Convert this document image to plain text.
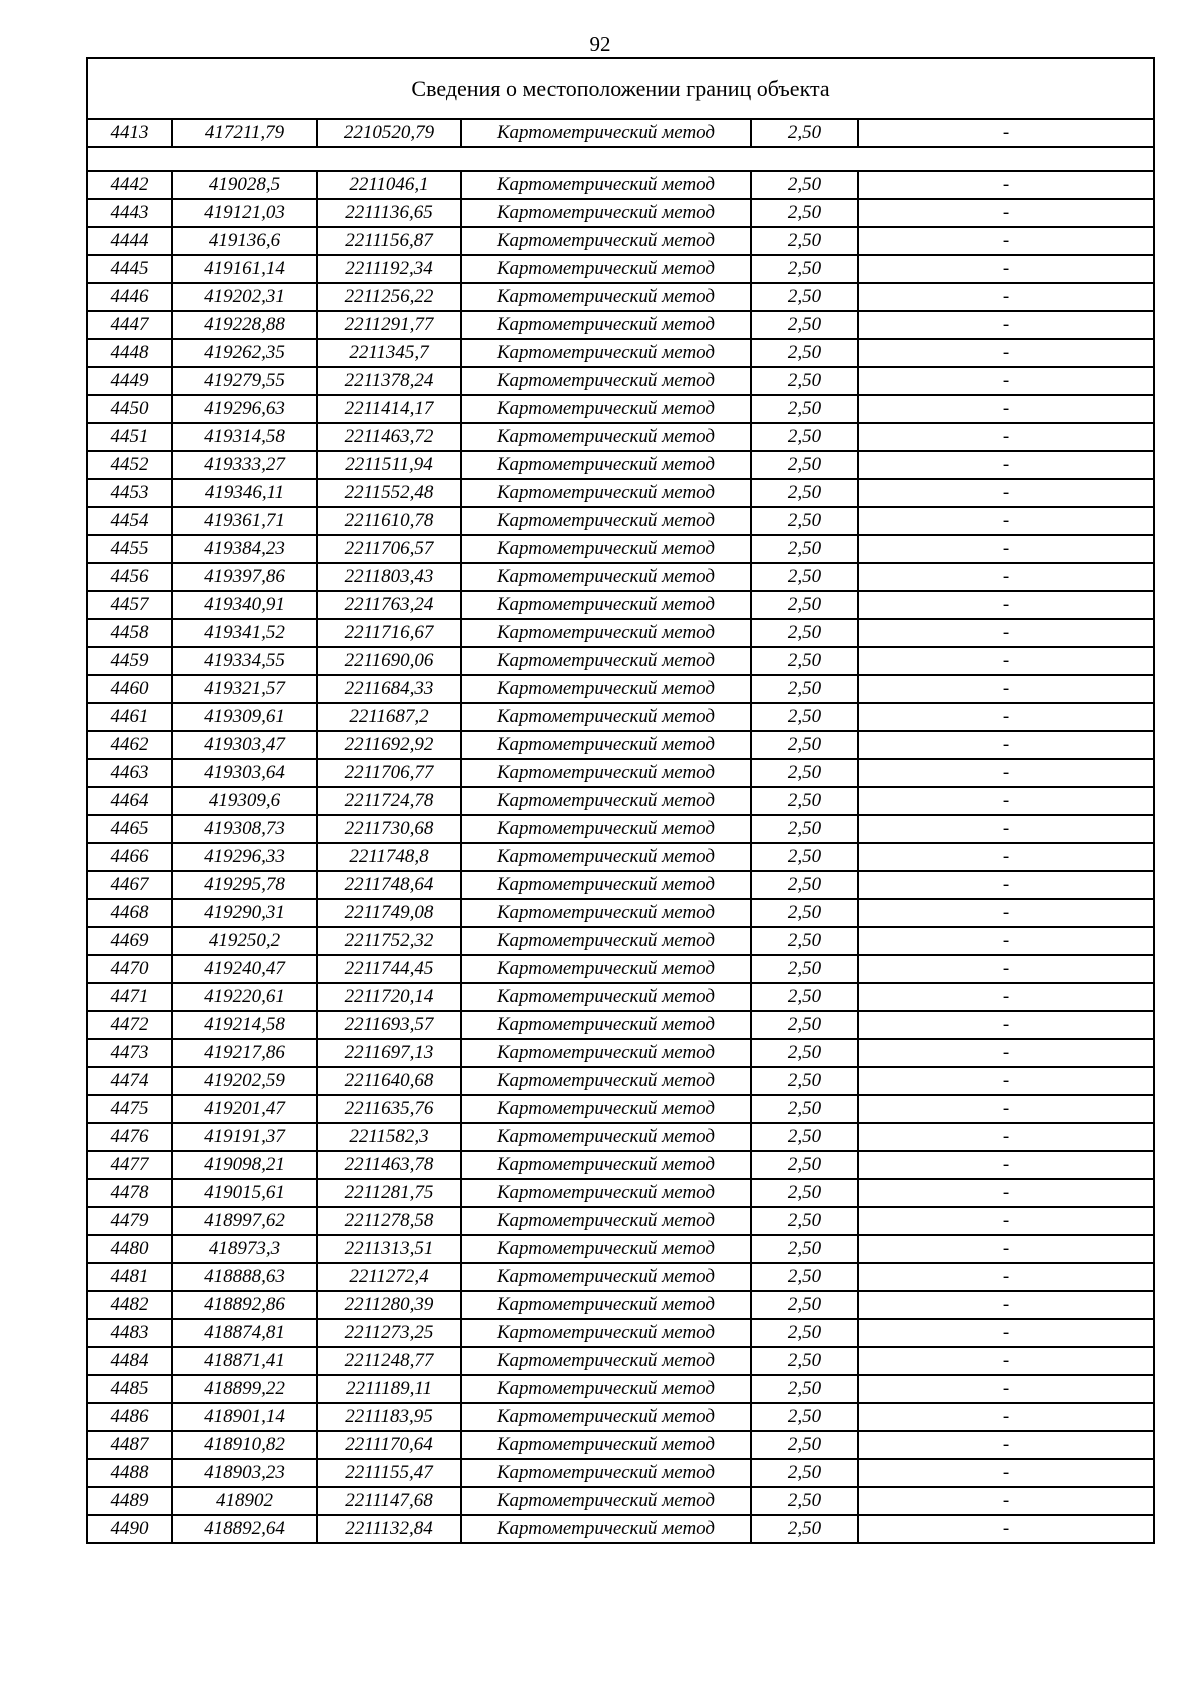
92
Сведения о местоположении границ объекта					
4413	417211,79	2210520,79	Картометрический метод	2,50	-

4442	419028,5	2211046,1	Картометрический метод	2,50	-
4443	419121,03	2211136,65	Картометрический метод	2,50	-
4444	419136,6	2211156,87	Картометрический метод	2,50	-
4445	419161,14	2211192,34	Картометрический метод	2,50	-
4446	419202,31	2211256,22	Картометрический метод	2,50	-
4447	419228,88	2211291,77	Картометрический метод	2,50	-
4448	419262,35	2211345,7	Картометрический метод	2,50	-
4449	419279,55	2211378,24	Картометрический метод	2,50	-
4450	419296,63	2211414,17	Картометрический метод	2,50	-
4451	419314,58	2211463,72	Картометрический метод	2,50	-
4452	419333,27	2211511,94	Картометрический метод	2,50	-
4453	419346,11	2211552,48	Картометрический метод	2,50	-
4454	419361,71	2211610,78	Картометрический метод	2,50	-
4455	419384,23	2211706,57	Картометрический метод	2,50	-
4456	419397,86	2211803,43	Картометрический метод	2,50	-
4457	419340,91	2211763,24	Картометрический метод	2,50	-
4458	419341,52	2211716,67	Картометрический метод	2,50	-
4459	419334,55	2211690,06	Картометрический метод	2,50	-
4460	419321,57	2211684,33	Картометрический метод	2,50	-
4461	419309,61	2211687,2	Картометрический метод	2,50	-
4462	419303,47	2211692,92	Картометрический метод	2,50	-
4463	419303,64	2211706,77	Картометрический метод	2,50	-
4464	419309,6	2211724,78	Картометрический метод	2,50	-
4465	419308,73	2211730,68	Картометрический метод	2,50	-
4466	419296,33	2211748,8	Картометрический метод	2,50	-
4467	419295,78	2211748,64	Картометрический метод	2,50	-
4468	419290,31	2211749,08	Картометрический метод	2,50	-
4469	419250,2	2211752,32	Картометрический метод	2,50	-
4470	419240,47	2211744,45	Картометрический метод	2,50	-
4471	419220,61	2211720,14	Картометрический метод	2,50	-
4472	419214,58	2211693,57	Картометрический метод	2,50	-
4473	419217,86	2211697,13	Картометрический метод	2,50	-
4474	419202,59	2211640,68	Картометрический метод	2,50	-
4475	419201,47	2211635,76	Картометрический метод	2,50	-
4476	419191,37	2211582,3	Картометрический метод	2,50	-
4477	419098,21	2211463,78	Картометрический метод	2,50	-
4478	419015,61	2211281,75	Картометрический метод	2,50	-
4479	418997,62	2211278,58	Картометрический метод	2,50	-
4480	418973,3	2211313,51	Картометрический метод	2,50	-
4481	418888,63	2211272,4	Картометрический метод	2,50	-
4482	418892,86	2211280,39	Картометрический метод	2,50	-
4483	418874,81	2211273,25	Картометрический метод	2,50	-
4484	418871,41	2211248,77	Картометрический метод	2,50	-
4485	418899,22	2211189,11	Картометрический метод	2,50	-
4486	418901,14	2211183,95	Картометрический метод	2,50	-
4487	418910,82	2211170,64	Картометрический метод	2,50	-
4488	418903,23	2211155,47	Картометрический метод	2,50	-
4489	418902	2211147,68	Картометрический метод	2,50	-
4490	418892,64	2211132,84	Картометрический метод	2,50	-
